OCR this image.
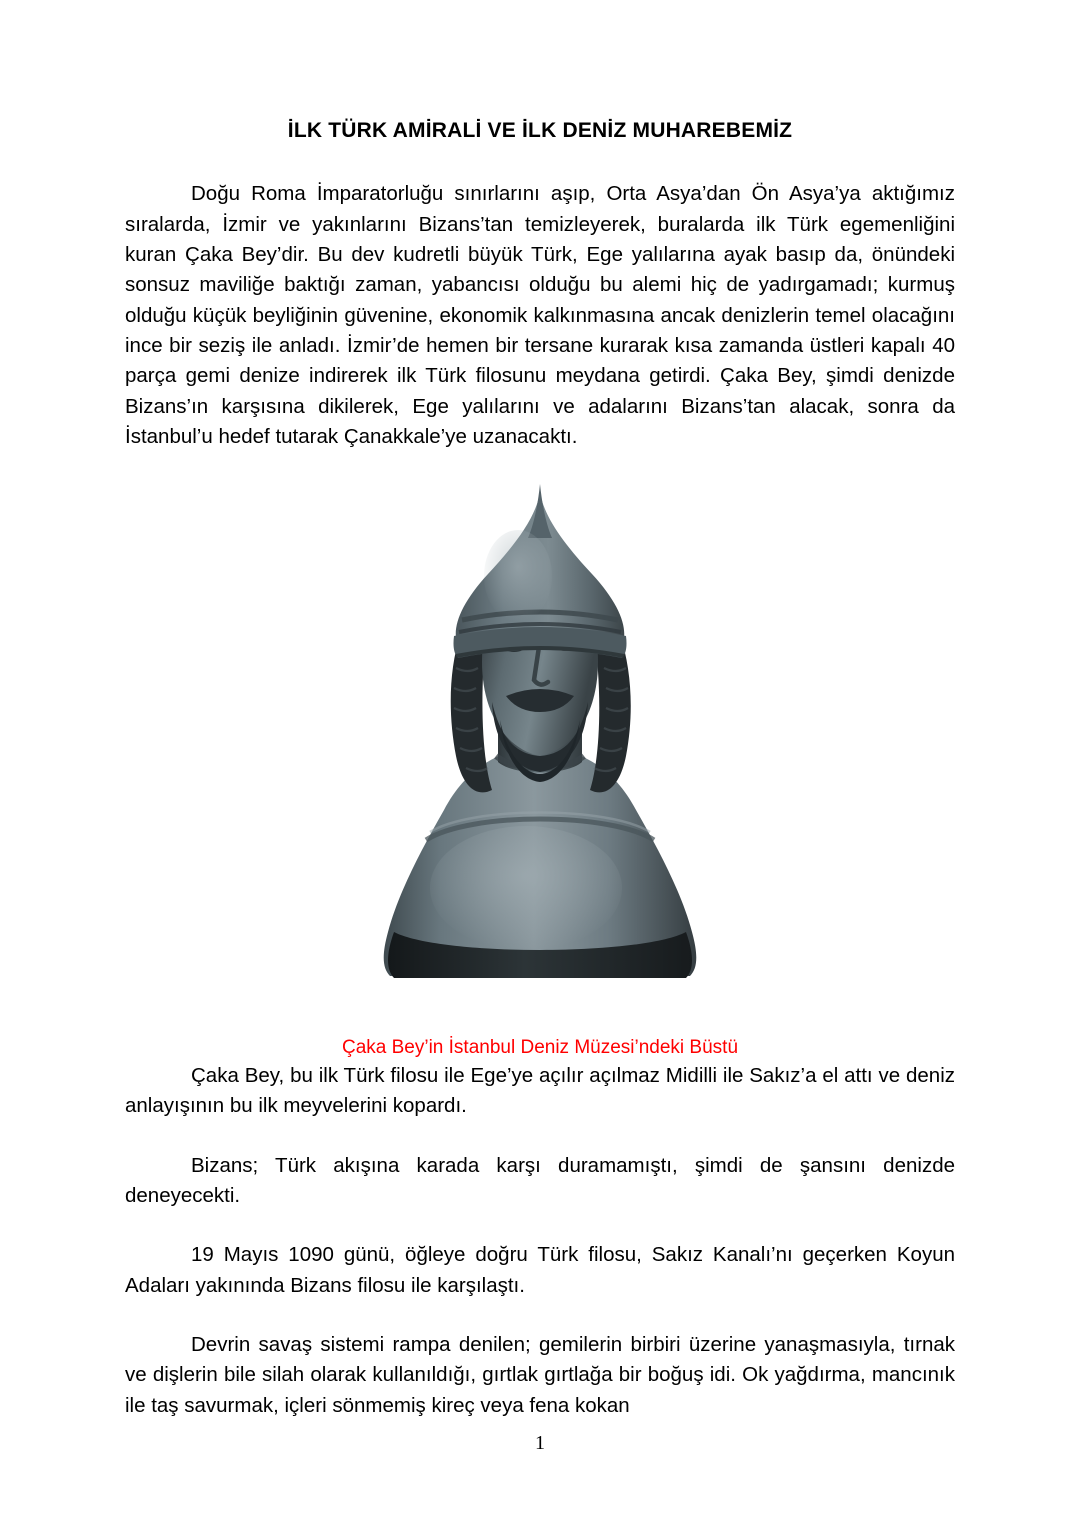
İLK TÜRK AMİRALİ VE İLK DENİZ MUHAREBEMİZ

Doğu Roma İmparatorluğu sınırlarını aşıp, Orta Asya’dan Ön Asya’ya aktığımız sıralarda, İzmir ve yakınlarını Bizans’tan temizleyerek, buralarda ilk Türk egemenliğini kuran Çaka Bey’dir. Bu dev kudretli büyük Türk, Ege yalılarına ayak basıp da, önündeki sonsuz maviliğe baktığı zaman, yabancısı olduğu bu alemi hiç de yadırgamadı; kurmuş olduğu küçük beyliğinin güvenine, ekonomik kalkınmasına ancak denizlerin temel olacağını ince bir seziş ile anladı. İzmir’de hemen bir tersane kurarak kısa zamanda üstleri kapalı 40 parça gemi denize indirerek ilk Türk filosunu meydana getirdi. Çaka Bey, şimdi denizde Bizans’ın karşısına dikilerek, Ege yalılarını ve adalarını Bizans’tan alacak, sonra da İstanbul’u hedef tutarak Çanakkale’ye uzanacaktı.

Çaka Bey’in İstanbul Deniz Müzesi’ndeki Büstü

Çaka Bey, bu ilk Türk filosu ile Ege’ye açılır açılmaz Midilli ile Sakız’a el attı ve deniz anlayışının bu ilk meyvelerini kopardı.

Bizans; Türk akışına karada karşı duramamıştı, şimdi de şansını denizde deneyecekti.

19 Mayıs 1090 günü, öğleye doğru Türk filosu, Sakız Kanalı’nı geçerken Koyun Adaları yakınında Bizans filosu ile karşılaştı.

Devrin savaş sistemi rampa denilen; gemilerin birbiri üzerine yanaşmasıyla, tırnak ve dişlerin bile silah olarak kullanıldığı, gırtlak gırtlağa bir boğuş idi. Ok yağdırma, mancınık ile taş savurmak, içleri sönmemiş kireç veya fena kokan

1
